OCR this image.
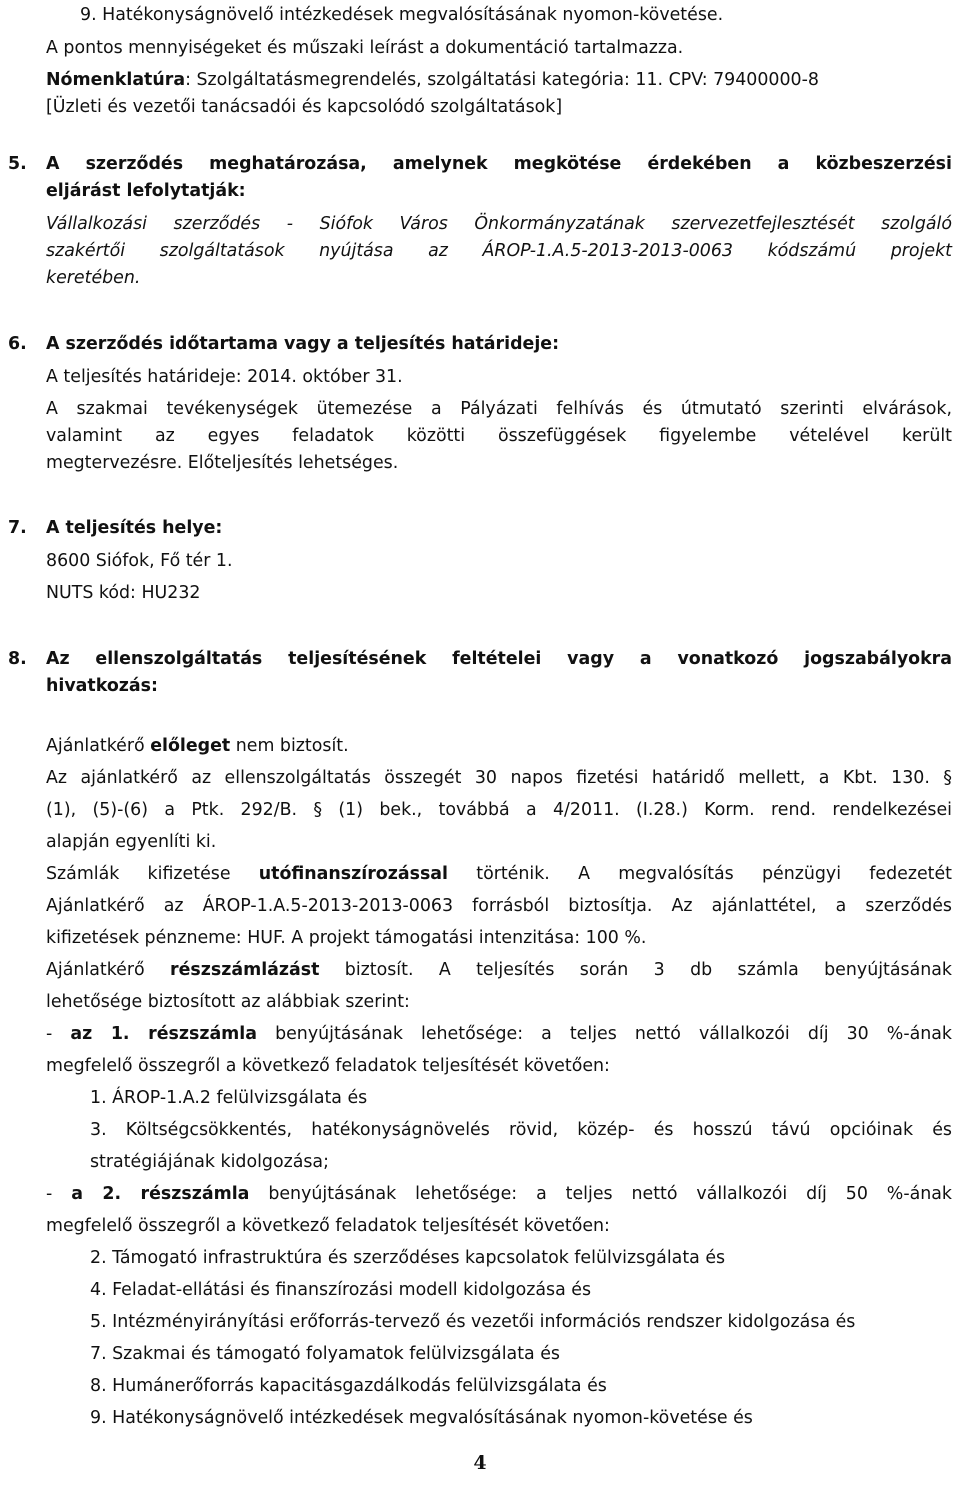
9. Hatékonyságnövelő intézkedések megvalósításának nyomon-követése.
A pontos mennyiségeket és műszaki leírást a dokumentáció tartalmazza.
Nómenklatúra: Szolgáltatásmegrendelés, szolgáltatási kategória: 11. CPV: 79400000-8
[Üzleti és vezetői tanácsadói és kapcsolódó szolgáltatások]
5. A szerződés meghatározása, amelynek megkötése érdekében a közbeszerzési
eljárást lefolytatják:
Vállalkozási szerződés - Siófok Város Önkormányzatának szervezetfejlesztését szolgáló
szakértői szolgáltatások nyújtása az ÁROP-1.A.5-2013-2013-0063 kódszámú projekt
keretében.
6. A szerződés időtartama vagy a teljesítés határideje:
A teljesítés határideje: 2014. október 31.
A szakmai tevékenységek ütemezése a Pályázati felhívás és útmutató szerinti elvárások,
valamint az egyes feladatok közötti összefüggések figyelembe vételével került
megtervezésre. Előteljesítés lehetséges.
7. A teljesítés helye:
8600 Siófok, Fő tér 1.
NUTS kód: HU232
8. Az ellenszolgáltatás teljesítésének feltételei vagy a vonatkozó jogszabályokra
hivatkozás:
Ajánlatkérő előleget nem biztosít.
Az ajánlatkérő az ellenszolgáltatás összegét 30 napos fizetési határidő mellett, a Kbt. 130. §
(1), (5)-(6) a Ptk. 292/B. § (1) bek., továbbá a 4/2011. (I.28.) Korm. rend. rendelkezései
alapján egyenlíti ki.
Számlák kifizetése utófinanszírozással történik. A megvalósítás pénzügyi fedezetét
Ajánlatkérő az ÁROP-1.A.5-2013-2013-0063 forrásból biztosítja. Az ajánlattétel, a szerződés
kifizetések pénzneme: HUF. A projekt támogatási intenzitása: 100 %.
Ajánlatkérő részszámlázást biztosít. A teljesítés során 3 db számla benyújtásának
lehetősége biztosított az alábbiak szerint:
- az 1. részszámla benyújtásának lehetősége: a teljes nettó vállalkozói díj 30 %-ának
megfelelő összegről a következő feladatok teljesítését követően:
1. ÁROP-1.A.2 felülvizsgálata és
3. Költségcsökkentés, hatékonyságnövelés rövid, közép- és hosszú távú opcióinak és
stratégiájának kidolgozása;
- a 2. részszámla benyújtásának lehetősége: a teljes nettó vállalkozói díj 50 %-ának
megfelelő összegről a következő feladatok teljesítését követően:
2. Támogató infrastruktúra és szerződéses kapcsolatok felülvizsgálata és
4. Feladat-ellátási és finanszírozási modell kidolgozása és
5. Intézményirányítási erőforrás-tervező és vezetői információs rendszer kidolgozása és
7. Szakmai és támogató folyamatok felülvizsgálata és
8. Humánerőforrás kapacitásgazdálkodás felülvizsgálata és
9. Hatékonyságnövelő intézkedések megvalósításának nyomon-követése és
4
